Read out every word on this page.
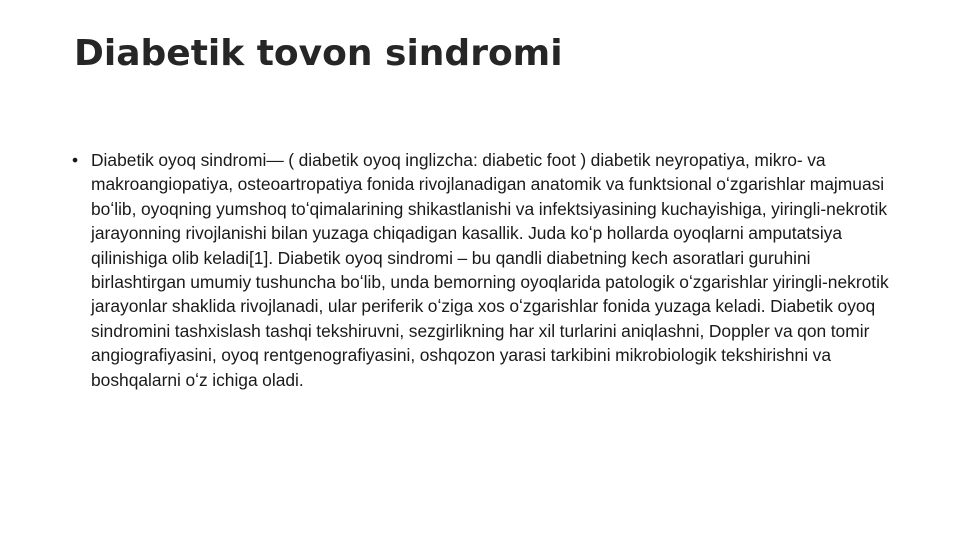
Diabetik tovon sindromi
• Diabetik oyoq sindromi— ( diabetik oyoq inglizcha: diabetic foot ) diabetik neyropatiya, mikro- va makroangiopatiya, osteoartropatiya fonida rivojlanadigan anatomik va funktsional oʻzgarishlar majmuasi boʻlib, oyoqning yumshoq toʻqimalarining shikastlanishi va infektsiyasining kuchayishiga, yiringli-nekrotik jarayonning rivojlanishi bilan yuzaga chiqadigan kasallik. Juda koʻp hollarda oyoqlarni amputatsiya qilinishiga olib keladi[1]. Diabetik oyoq sindromi – bu qandli diabetning kech asoratlari guruhini birlashtirgan umumiy tushuncha boʻlib, unda bemorning oyoqlarida patologik oʻzgarishlar yiringli-nekrotik jarayonlar shaklida rivojlanadi, ular periferik oʻziga xos oʻzgarishlar fonida yuzaga keladi. Diabetik oyoq sindromini tashxislash tashqi tekshiruvni, sezgirlikning har xil turlarini aniqlashni, Doppler va qon tomir angiografiyasini, oyoq rentgenografiyasini, oshqozon yarasi tarkibini mikrobiologik tekshirishni va boshqalarni oʻz ichiga oladi.
